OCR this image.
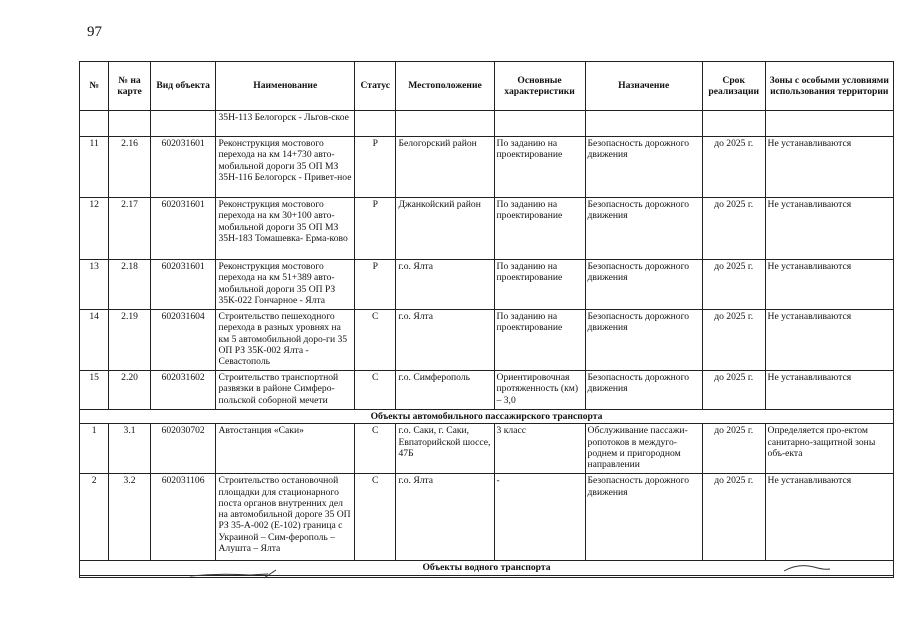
97
№	№ на карте	Вид объекта	Наименование	Статус	Местоположение	Основные характеристики	Назначение	Срок реализации	Зоны с особыми условиями использования территории
			35Н-113 Белогорск - Льгов-ское						
11	2.16	602031601	Реконструкция мостового перехода на км 14+730 авто-мобильной дороги 35 ОП МЗ 35Н-116 Белогорск - Привет-ное	Р	Белогорский район	По заданию на проектирование	Безопасность дорожного движения	до 2025 г.	Не устанавливаются
12	2.17	602031601	Реконструкция мостового перехода на км 30+100 авто-мобильной дороги 35 ОП МЗ 35Н-183 Томашевка- Ерма-ково	Р	Джанкойский район	По заданию на проектирование	Безопасность дорожного движения	до 2025 г.	Не устанавливаются
13	2.18	602031601	Реконструкция мостового перехода на км 51+389 авто-мобильной дороги 35 ОП РЗ 35К-022 Гончарное - Ялта	Р	г.о. Ялта	По заданию на проектирование	Безопасность дорожного движения	до 2025 г.	Не устанавливаются
14	2.19	602031604	Строительство пешеходного перехода в разных уровнях на км 5 автомобильной доро-ги 35 ОП РЗ 35К-002 Ялта - Севастополь	С	г.о. Ялта	По заданию на проектирование	Безопасность дорожного движения	до 2025 г.	Не устанавливаются
15	2.20	602031602	Строительство транспортной развязки в районе Симферо-польской соборной мечети	С	г.о. Симферополь	Ориентировочная протяженность (км) – 3,0	Безопасность дорожного движения	до 2025 г.	Не устанавливаются
Объекты автомобильного пассажирского транспорта									
1	3.1	602030702	Автостанция «Саки»	С	г.о. Саки, г. Саки, Евпаторийской шоссе, 47Б	3 класс	Обслуживание пассажи-ропотоков в междуго-роднем и пригородном направлении	до 2025 г.	Определяется про-ектом санитарно-защитной зоны объ-екта
2	3.2	602031106	Строительство остановочной площадки для стационарного поста органов внутренних дел на автомобильной дороге 35 ОП РЗ 35-А-002 (Е-102) граница с Украиной – Сим-ферополь – Алушта – Ялта	С	г.о. Ялта	-	Безопасность дорожного движения	до 2025 г.	Не устанавливаются
Объекты водного транспорта									
